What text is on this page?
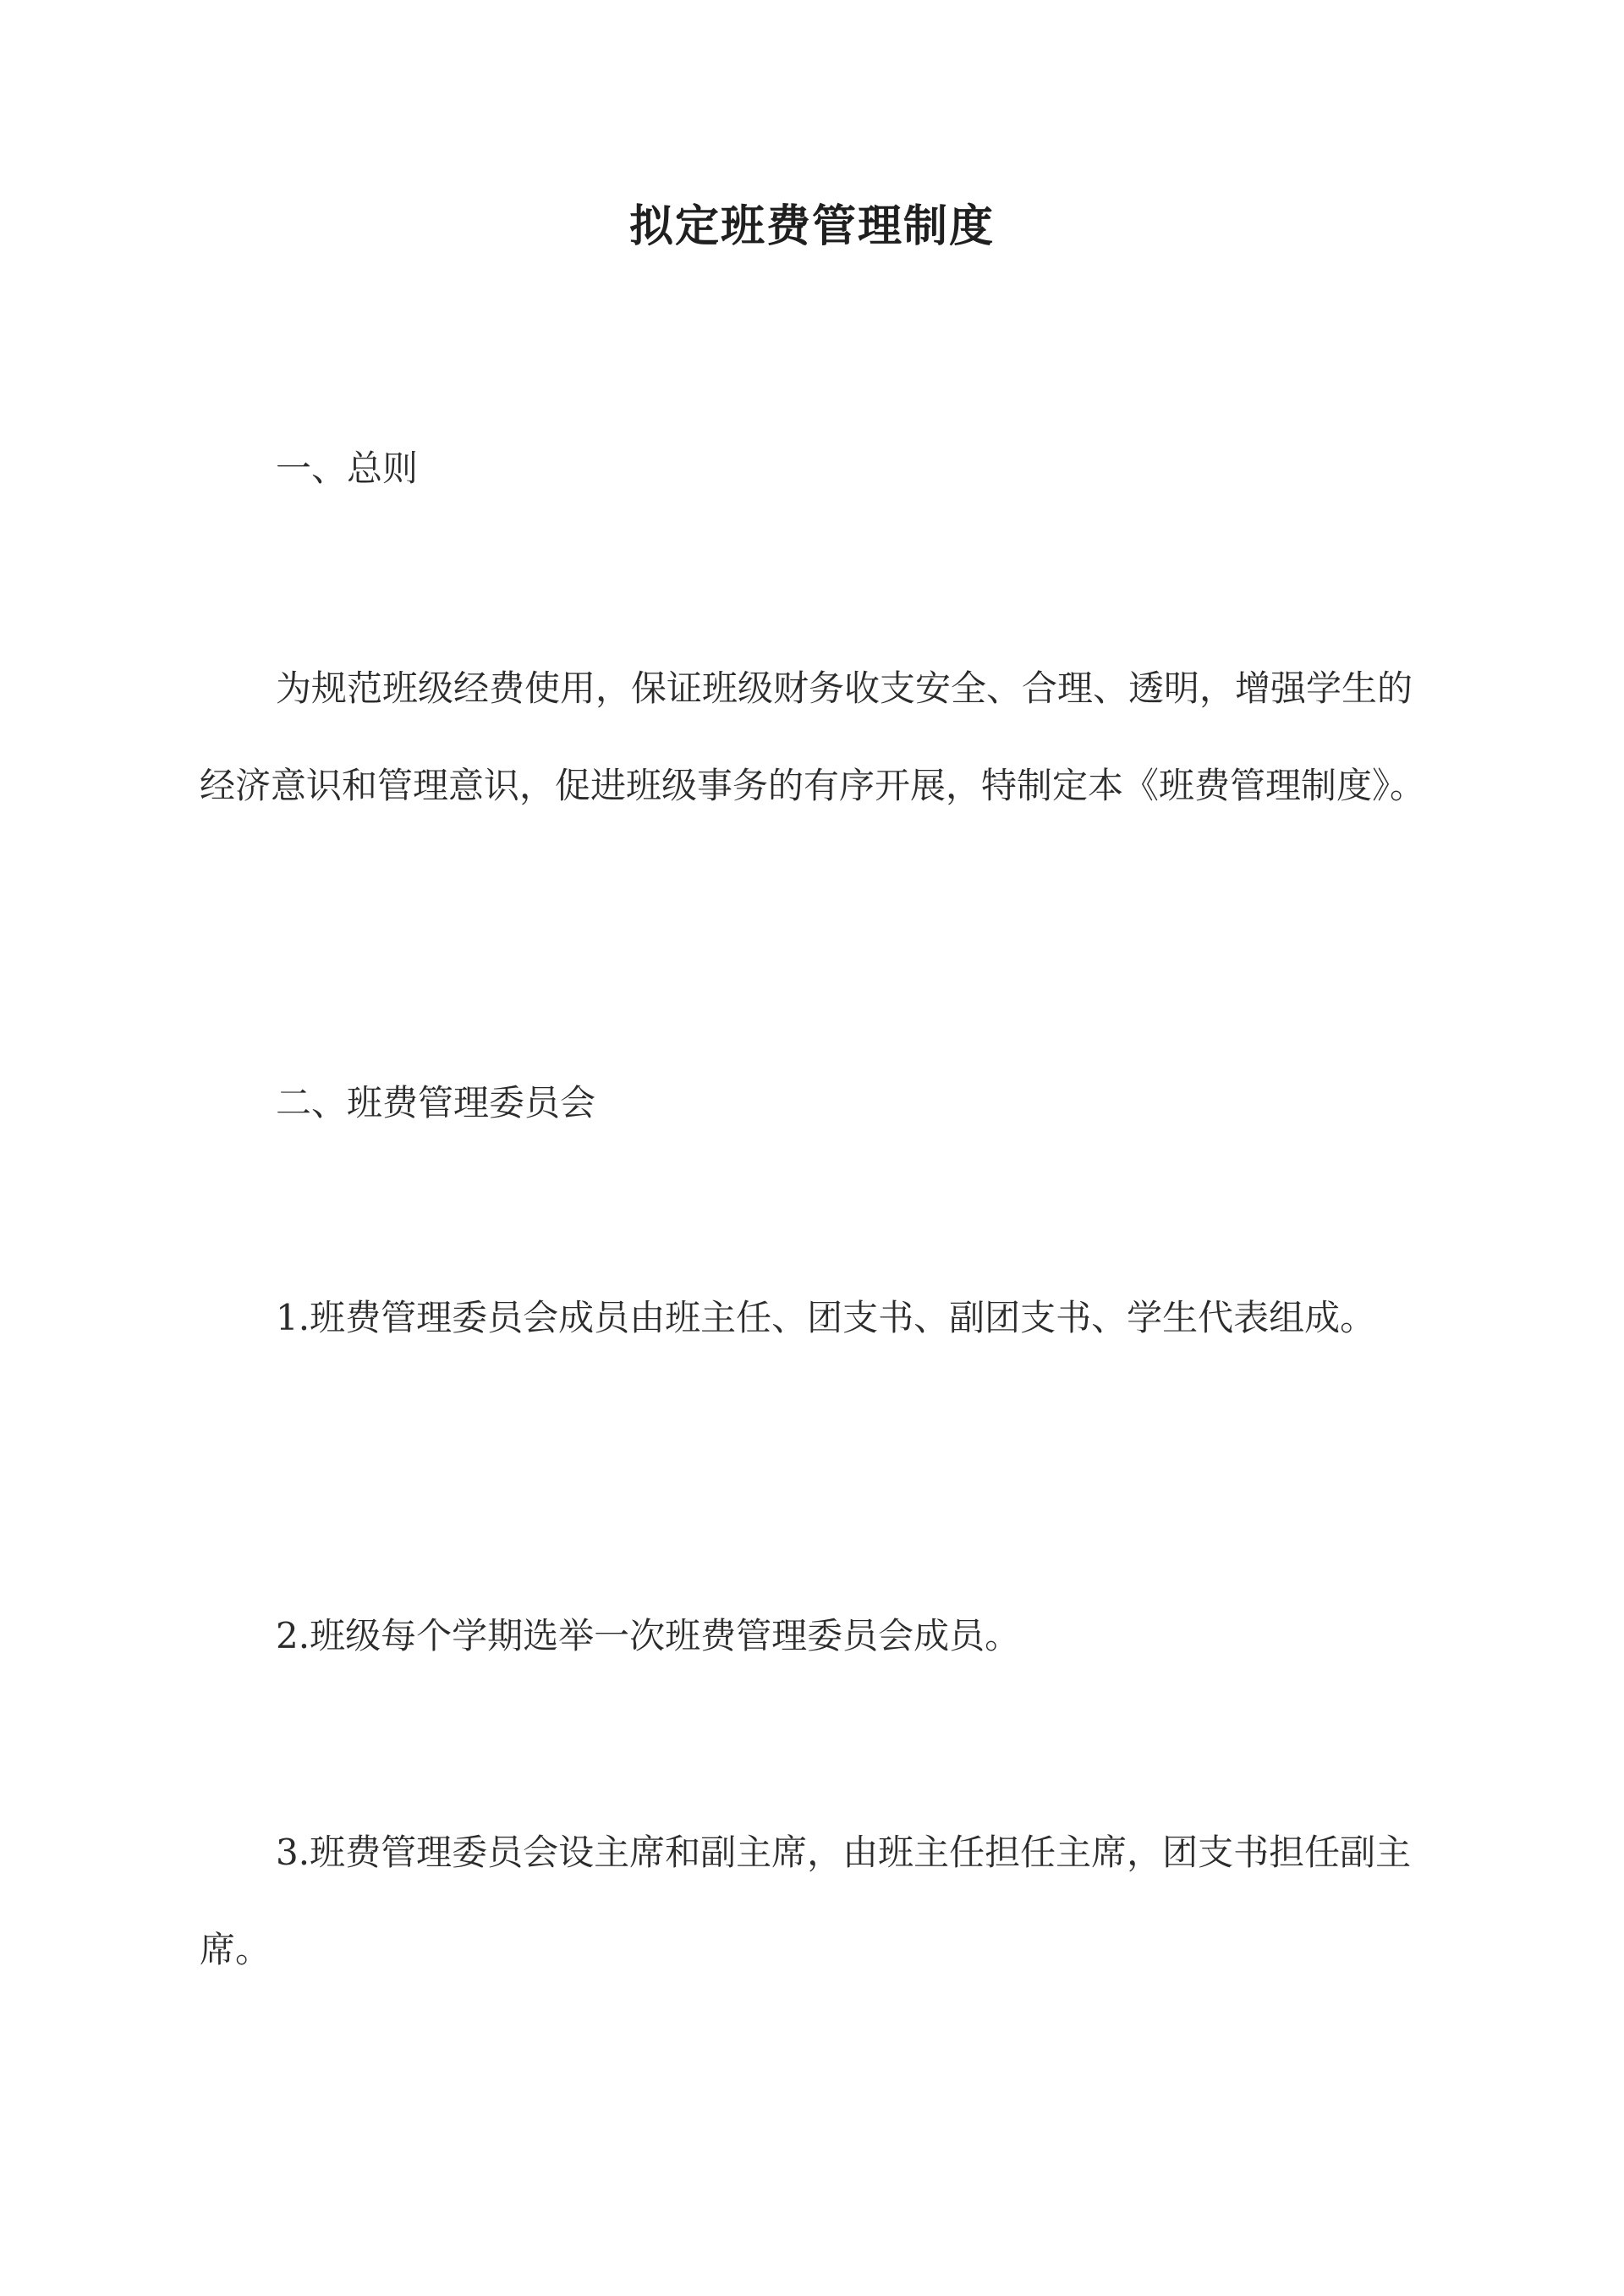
拟定班费管理制度

一、总则

为规范班级经费使用，保证班级财务收支安全、合理、透明，增强学生的经济意识和管理意识，促进班级事务的有序开展，特制定本《班费管理制度》。

二、班费管理委员会

1.班费管理委员会成员由班主任、团支书、副团支书、学生代表组成。

2.班级每个学期选举一次班费管理委员会成员。

3.班费管理委员会设主席和副主席，由班主任担任主席，团支书担任副主席。
